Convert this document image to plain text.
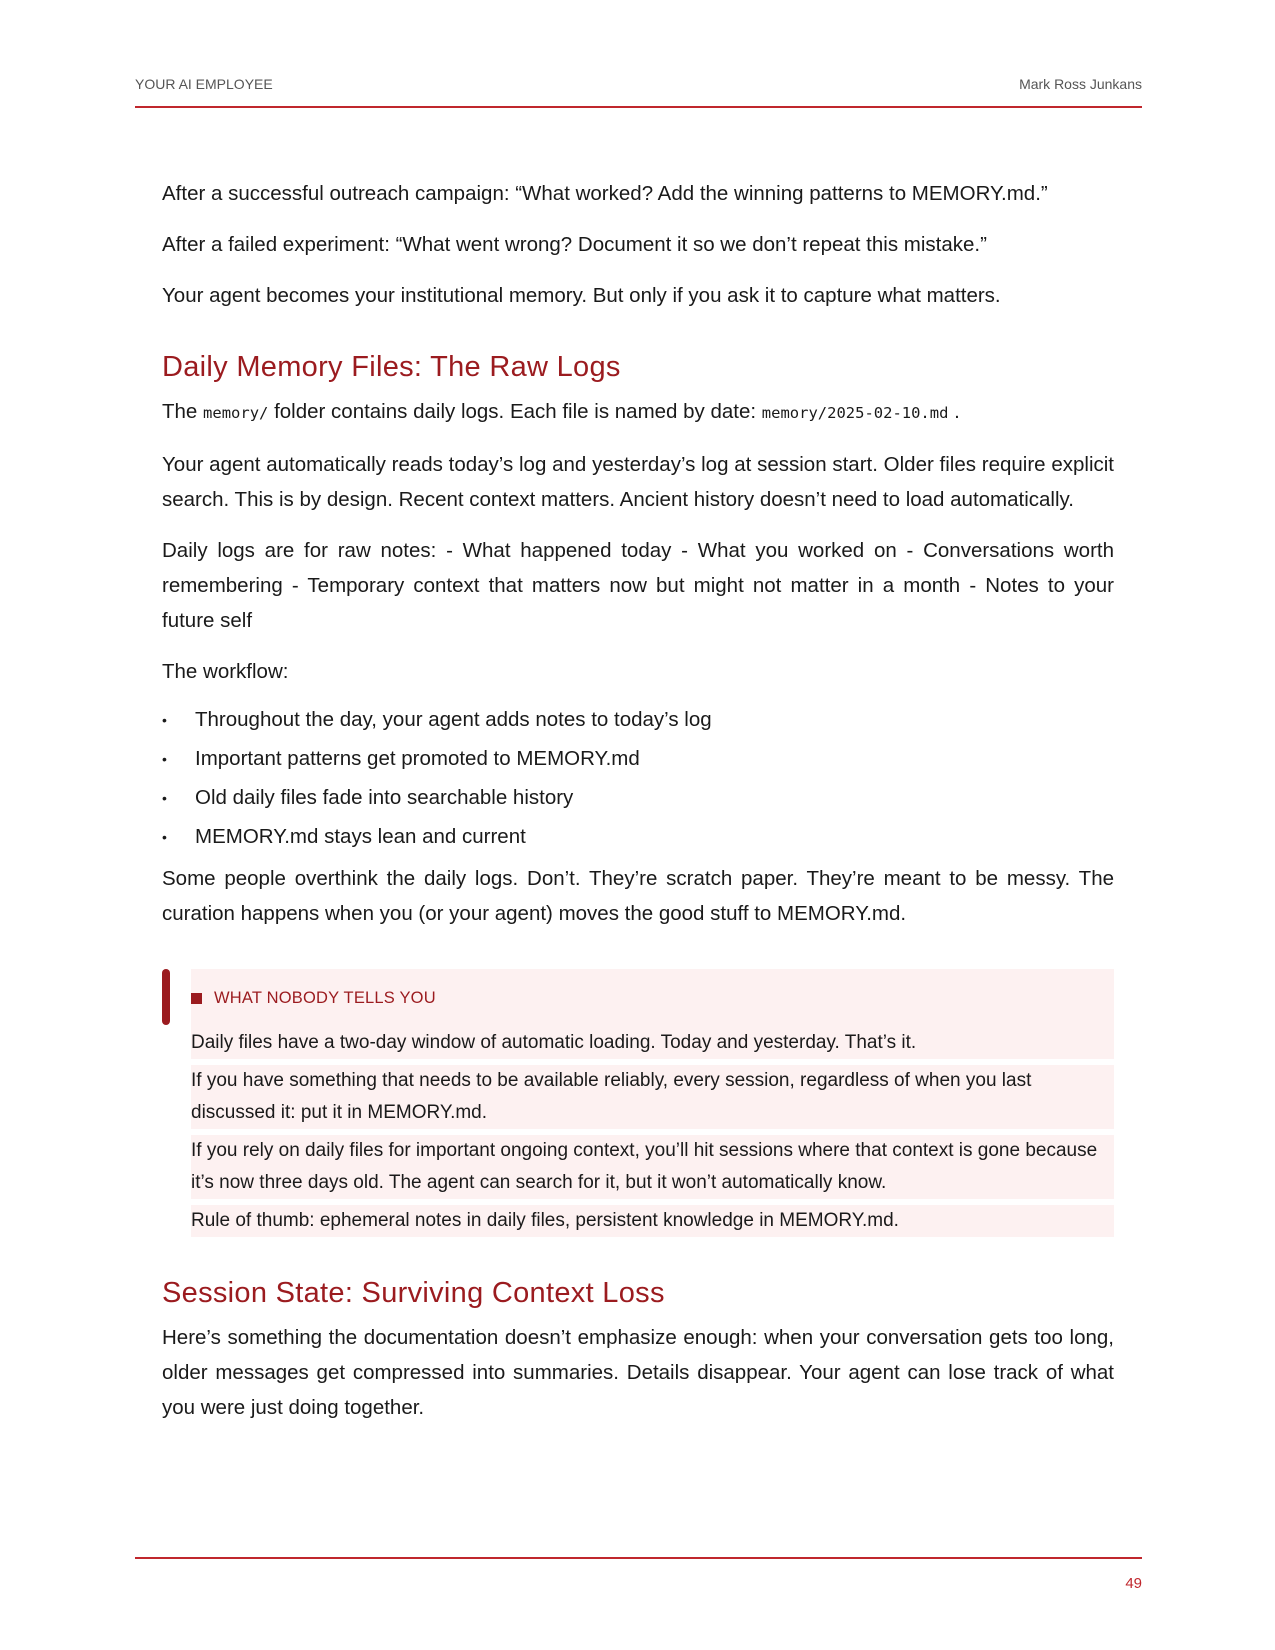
YOUR AI EMPLOYEE	Mark Ross Junkans

After a successful outreach campaign: “What worked? Add the winning patterns to MEMORY.md.”

After a failed experiment: “What went wrong? Document it so we don’t repeat this mistake.”

Your agent becomes your institutional memory. But only if you ask it to capture what matters.

Daily Memory Files: The Raw Logs

The memory/ folder contains daily logs. Each file is named by date: memory/2025-02-10.md .

Your agent automatically reads today’s log and yesterday’s log at session start. Older files require explicit search. This is by design. Recent context matters. Ancient history doesn’t need to load automatically.

Daily logs are for raw notes: - What happened today - What you worked on - Conversations worth remembering - Temporary context that matters now but might not matter in a month - Notes to your future self

The workflow:

• Throughout the day, your agent adds notes to today’s log
• Important patterns get promoted to MEMORY.md
• Old daily files fade into searchable history
• MEMORY.md stays lean and current

Some people overthink the daily logs. Don’t. They’re scratch paper. They’re meant to be messy. The curation happens when you (or your agent) moves the good stuff to MEMORY.md.

WHAT NOBODY TELLS YOU

Daily files have a two-day window of automatic loading. Today and yesterday. That’s it.

If you have something that needs to be available reliably, every session, regardless of when you last discussed it: put it in MEMORY.md.

If you rely on daily files for important ongoing context, you’ll hit sessions where that context is gone because it’s now three days old. The agent can search for it, but it won’t automatically know.

Rule of thumb: ephemeral notes in daily files, persistent knowledge in MEMORY.md.

Session State: Surviving Context Loss

Here’s something the documentation doesn’t emphasize enough: when your conversation gets too long, older messages get compressed into summaries. Details disappear. Your agent can lose track of what you were just doing together.

49
